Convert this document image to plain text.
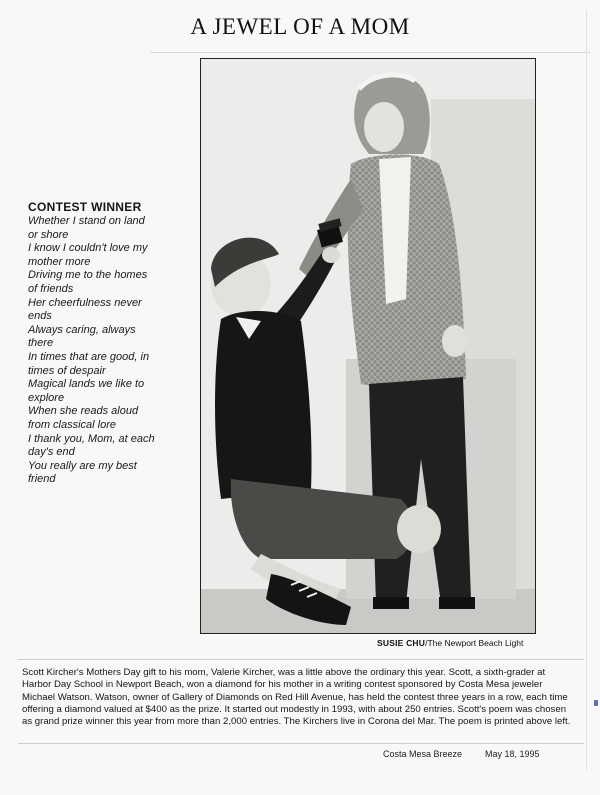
A JEWEL OF A MOM
CONTEST WINNER
Whether I stand on land
or shore
I know I couldn't love my
mother more
Driving me to the homes
of friends
Her cheerfulness never
ends
Always caring, always
there
In times that are good, in
times of despair
Magical lands we like to
explore
When she reads aloud
from classical lore
I thank you, Mom, at each
day's end
You really are my best
friend
SUSIE CHU/The Newport Beach Light

Scott Kircher's Mothers Day gift to his mom, Valerie Kircher, was a little above the ordinary this year. Scott, a sixth-grader at Harbor Day School in Newport Beach, won a diamond for his mother in a writing contest sponsored by Costa Mesa jeweler Michael Watson. Watson, owner of Gallery of Diamonds on Red Hill Avenue, has held the contest three years in a row, each time offering a diamond valued at $400 as the prize. It started out modestly in 1993, with about 250 entries. Scott's poem was chosen as grand prize winner this year from more than 2,000 entries. The Kirchers live in Corona del Mar. The poem is printed above left.

Costa Mesa Breeze	May 18, 1995
